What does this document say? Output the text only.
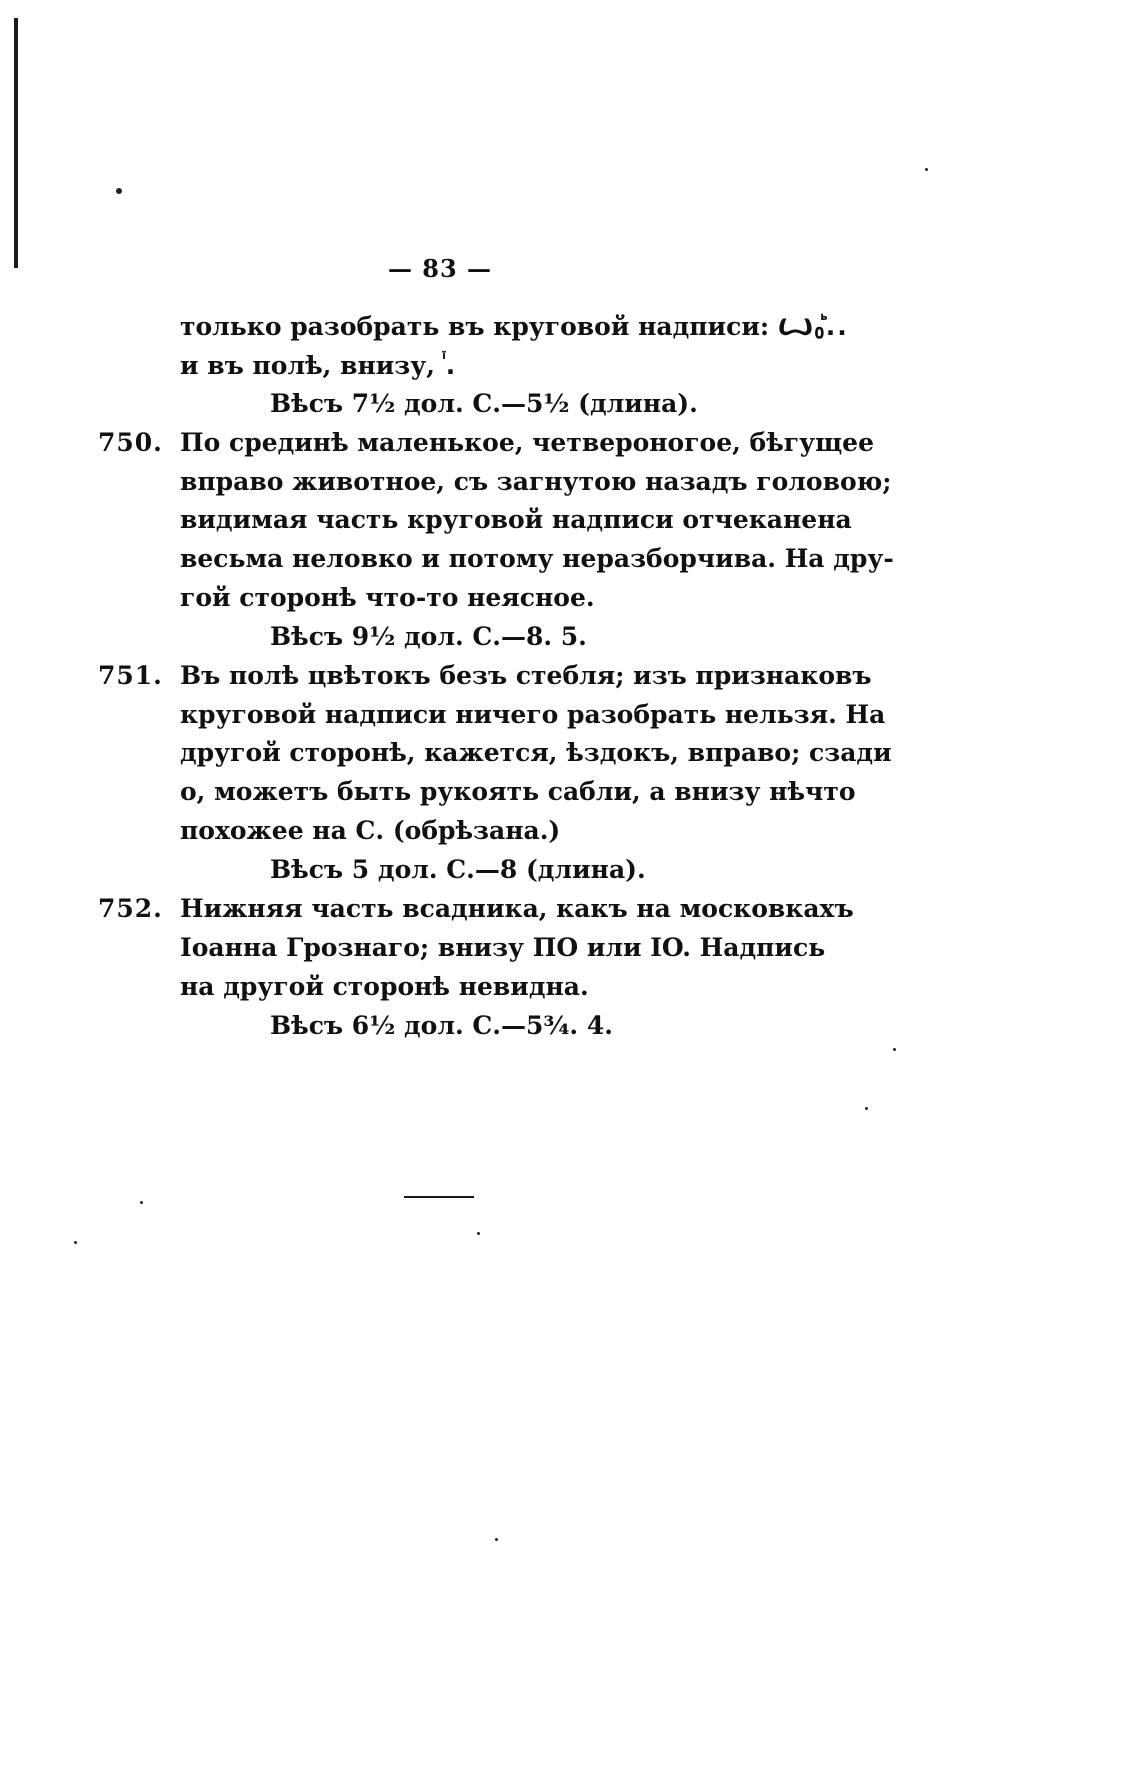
— 83 —
только разобрать въ круговой надписи: Ꙍ₀ꙺ..
и въ полѣ, внизу, ꙶ.
Вѣсъ 7½ дол. С.—5½ (длина).
750. По срединѣ маленькое, четвероногое, бѣгущее
вправо животное, съ загнутою назадъ головою;
видимая часть круговой надписи отчеканена
весьма неловко и потому неразборчива. На дру-
гой сторонѣ что-то неясное.
Вѣсъ 9½ дол. С.—8. 5.
751. Въ полѣ цвѣтокъ безъ стебля; изъ признаковъ
круговой надписи ничего разобрать нельзя. На
другой сторонѣ, кажется, ѣздокъ, вправо; сзади
о, можетъ быть рукоять сабли, а внизу нѣчто
похожее на С. (обрѣзана.)
Вѣсъ 5 дол. С.—8 (длина).
752. Нижняя часть всадника, какъ на московкахъ
Іоанна Грознаго; внизу ПО или IO. Надпись
на другой сторонѣ невидна.
Вѣсъ 6½ дол. С.—5¾. 4.
